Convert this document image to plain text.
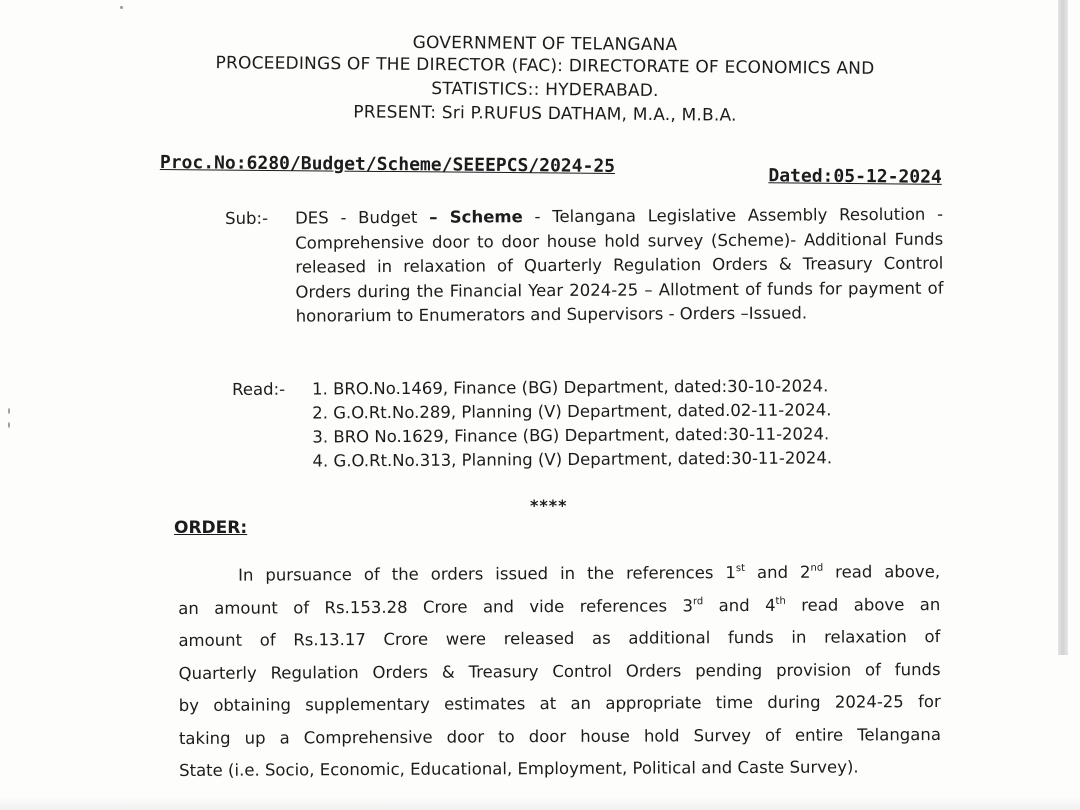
GOVERNMENT OF TELANGANA
PROCEEDINGS OF THE DIRECTOR (FAC): DIRECTORATE OF ECONOMICS AND
STATISTICS:: HYDERABAD.
PRESENT: Sri P.RUFUS DATHAM, M.A., M.B.A.
Proc.No:6280/Budget/Scheme/SEEEPCS/2024-25	Dated:05-12-2024
Sub:- DES - Budget – Scheme - Telangana Legislative Assembly Resolution - Comprehensive door to door house hold survey (Scheme)- Additional Funds released in relaxation of Quarterly Regulation Orders & Treasury Control Orders during the Financial Year 2024-25 – Allotment of funds for payment of honorarium to Enumerators and Supervisors - Orders –Issued.
Read:- 1. BRO.No.1469, Finance (BG) Department, dated:30-10-2024.
2. G.O.Rt.No.289, Planning (V) Department, dated.02-11-2024.
3. BRO No.1629, Finance (BG) Department, dated:30-11-2024.
4. G.O.Rt.No.313, Planning (V) Department, dated:30-11-2024.
****
ORDER:
In pursuance of the orders issued in the references 1st and 2nd read above,
an amount of Rs.153.28 Crore and vide references 3rd and 4th read above an
amount of Rs.13.17 Crore were released as additional funds in relaxation of
Quarterly Regulation Orders & Treasury Control Orders pending provision of funds
by obtaining supplementary estimates at an appropriate time during 2024-25 for
taking up a Comprehensive door to door house hold Survey of entire Telangana
State (i.e. Socio, Economic, Educational, Employment, Political and Caste Survey).
